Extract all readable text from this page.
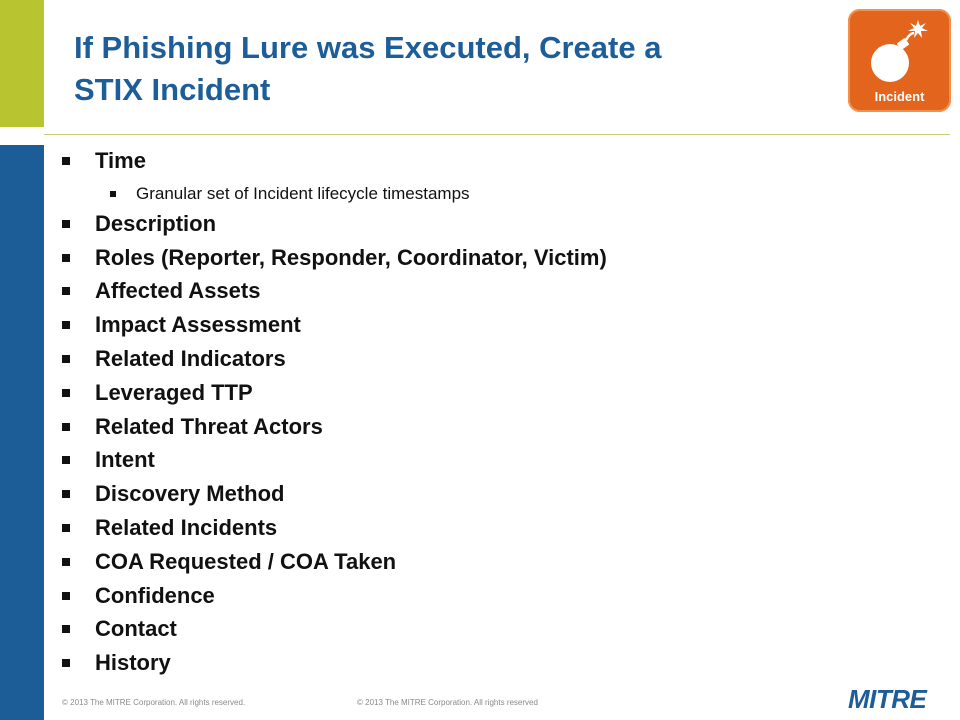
If Phishing Lure was Executed, Create a
STIX Incident	Incident
Time
Granular set of Incident lifecycle timestamps
Description
Roles (Reporter, Responder, Coordinator, Victim)
Affected Assets
Impact Assessment
Related Indicators
Leveraged TTP
Related Threat Actors
Intent
Discovery Method
Related Incidents
COA Requested / COA Taken
Confidence
Contact
History
© 2013 The MITRE Corporation. All rights reserved.	© 2013 The MITRE Corporation. All rights reserved	MITRE
